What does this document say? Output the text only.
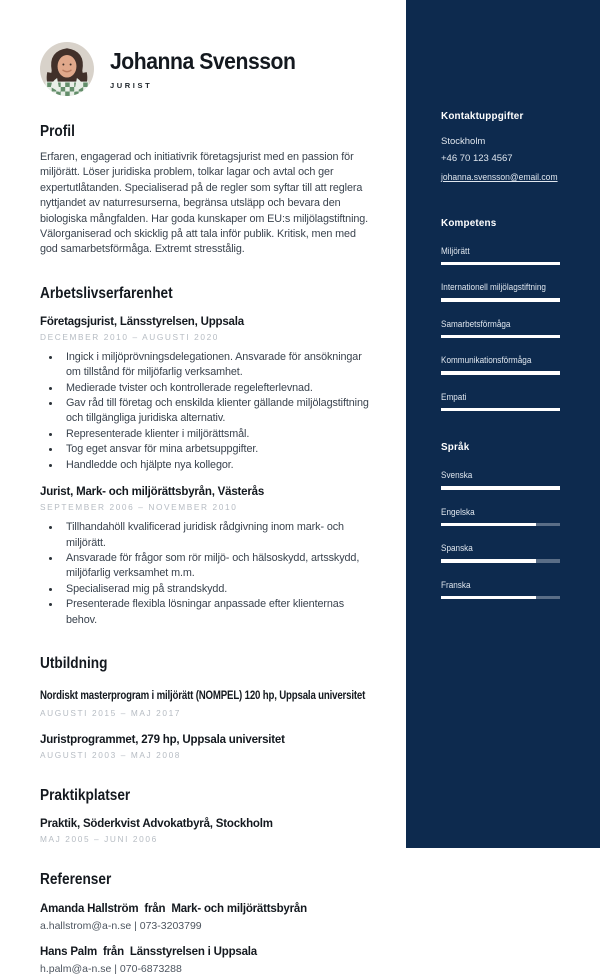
Johanna Svensson
JURIST
Profil
Erfaren, engagerad och initiativrik företagsjurist med en passion för miljörätt. Löser juridiska problem, tolkar lagar och avtal och ger expertutlåtanden. Specialiserad på de regler som syftar till att reglera nyttjandet av naturresurserna, begränsa utsläpp och bevara den biologiska mångfalden. Har goda kunskaper om EU:s miljölagstiftning. Välorganiserad och skicklig på att tala inför publik. Kritisk, men med god samarbetsförmåga. Extremt stresstålig.
Arbetslivserfarenhet
Företagsjurist, Länsstyrelsen, Uppsala
DECEMBER 2010 – AUGUSTI 2020
• Ingick i miljöprövningsdelegationen. Ansvarade för ansökningar om tillstånd för miljöfarlig verksamhet.
• Medierade tvister och kontrollerade regelefterlevnad.
• Gav råd till företag och enskilda klienter gällande miljölagstiftning och tillgängliga juridiska alternativ.
• Representerade klienter i miljörättsmål.
• Tog eget ansvar för mina arbetsuppgifter.
• Handledde och hjälpte nya kollegor.
Jurist, Mark- och miljörättsbyrån, Västerås
SEPTEMBER 2006 – NOVEMBER 2010
• Tillhandahöll kvalificerad juridisk rådgivning inom mark- och miljörätt.
• Ansvarade för frågor som rör miljö- och hälsoskydd, artsskydd, miljöfarlig verksamhet m.m.
• Specialiserad mig på strandskydd.
• Presenterade flexibla lösningar anpassade efter klienternas behov.
Utbildning
Nordiskt masterprogram i miljörätt (NOMPEL) 120 hp, Uppsala universitet
AUGUSTI 2015 – MAJ 2017
Juristprogrammet, 279 hp, Uppsala universitet
AUGUSTI 2003 – MAJ 2008
Praktikplatser
Praktik, Söderkvist Advokatbyrå, Stockholm
MAJ 2005 – JUNI 2006
Referenser
Amanda Hallström  från  Mark- och miljörättsbyrån
a.hallstrom@a-n.se | 073-3203799
Hans Palm  från  Länsstyrelsen i Uppsala
h.palm@a-n.se | 070-6873288
Kontaktuppgifter
Stockholm
+46 70 123 4567
johanna.svensson@email.com
Kompetens
Miljörätt
Internationell miljölagstiftning
Samarbetsförmåga
Kommunikationsförmåga
Empati
Språk
Svenska
Engelska
Spanska
Franska
